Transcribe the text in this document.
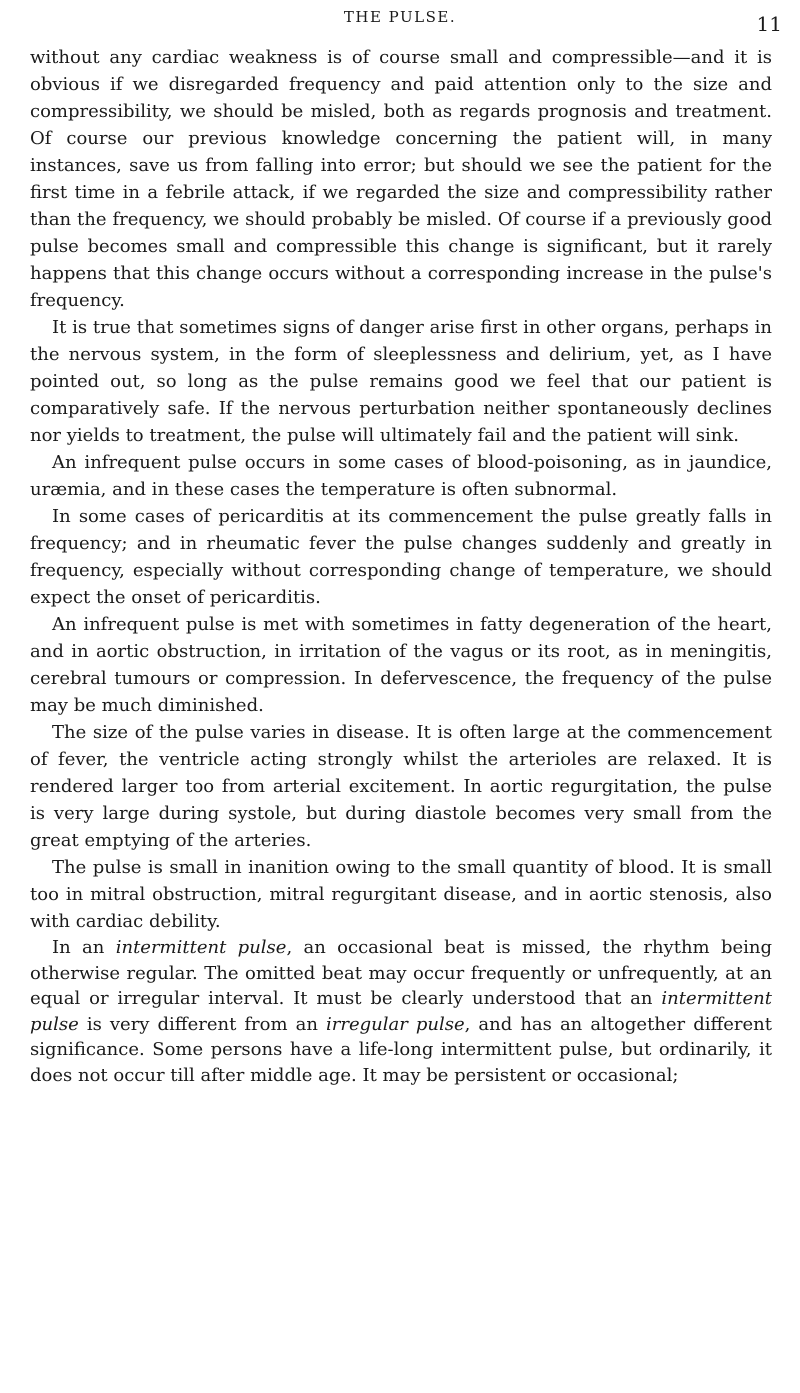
THE PULSE.	11

without any cardiac weakness is of course small and compressible—and it is obvious if we disregarded frequency and paid attention only to the size and compressibility, we should be misled, both as regards prognosis and treatment. Of course our previous knowledge concerning the patient will, in many instances, save us from falling into error; but should we see the patient for the first time in a febrile attack, if we regarded the size and compressibility rather than the frequency, we should probably be misled. Of course if a previously good pulse becomes small and compressible this change is significant, but it rarely happens that this change occurs without a corresponding increase in the pulse's frequency.

It is true that sometimes signs of danger arise first in other organs, perhaps in the nervous system, in the form of sleeplessness and delirium, yet, as I have pointed out, so long as the pulse remains good we feel that our patient is comparatively safe. If the nervous perturbation neither spontaneously declines nor yields to treatment, the pulse will ultimately fail and the patient will sink.

An infrequent pulse occurs in some cases of blood-poisoning, as in jaundice, uræmia, and in these cases the temperature is often subnormal.

In some cases of pericarditis at its commencement the pulse greatly falls in frequency; and in rheumatic fever the pulse changes suddenly and greatly in frequency, especially without corresponding change of temperature, we should expect the onset of pericarditis.

An infrequent pulse is met with sometimes in fatty degeneration of the heart, and in aortic obstruction, in irritation of the vagus or its root, as in meningitis, cerebral tumours or compression. In defervescence, the frequency of the pulse may be much diminished.

The size of the pulse varies in disease. It is often large at the commencement of fever, the ventricle acting strongly whilst the arterioles are relaxed. It is rendered larger too from arterial excitement. In aortic regurgitation, the pulse is very large during systole, but during diastole becomes very small from the great emptying of the arteries.

The pulse is small in inanition owing to the small quantity of blood. It is small too in mitral obstruction, mitral regurgitant disease, and in aortic stenosis, also with cardiac debility.

In an intermittent pulse, an occasional beat is missed, the rhythm being otherwise regular. The omitted beat may occur frequently or unfrequently, at an equal or irregular interval. It must be clearly understood that an intermittent pulse is very different from an irregular pulse, and has an altogether different significance. Some persons have a life-long intermittent pulse, but ordinarily, it does not occur till after middle age. It may be persistent or occasional;
